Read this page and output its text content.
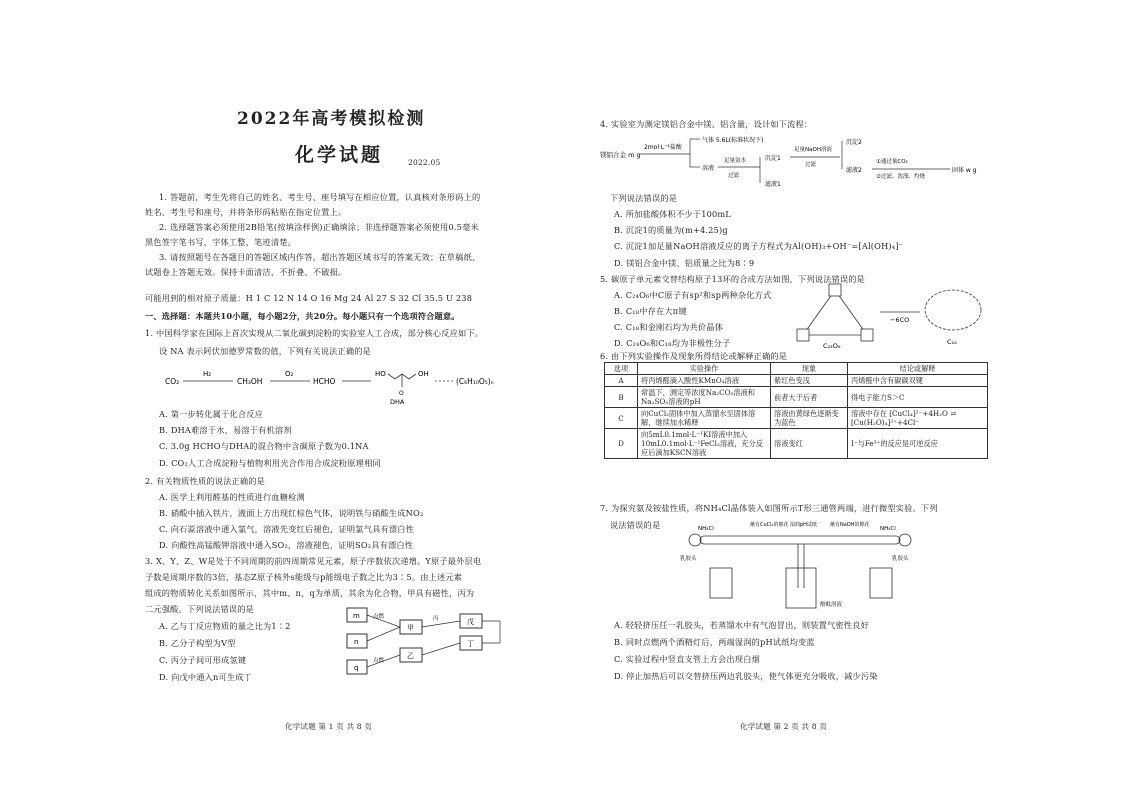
2022年高考模拟检测
化学试题	2022.05
1. 答题前，考生先将自己的姓名、考生号、座号填写在相应位置，认真核对条形码上的
姓名、考生号和座号，并将条形码粘贴在指定位置上。
2. 选择题答案必须使用2B铅笔(按填涂样例)正确填涂；非选择题答案必须使用0.5毫米
黑色签字笔书写，字体工整、笔迹清楚。
3. 请按照题号在各题目的答题区域内作答，超出答题区域书写的答案无效；在草稿纸、
试题卷上答题无效。保持卡面清洁，不折叠、不破损。
可能用到的相对原子质量：H 1 C 12 N 14 O 16 Mg 24 Al 27 S 32 Cl 35.5 U 238
一、选择题：本题共10小题，每小题2分，共20分。每小题只有一个选项符合题意。
1. 中国科学家在国际上首次实现从二氧化碳到淀粉的实验室人工合成，部分核心反应如下。
设 NA 表示阿伏加德罗常数的值，下列有关说法正确的是
CO₂
H₂
CH₃OH
O₂
HCHO
HO
O
OH
DHA
(C₆H₁₀O₅)ₙ
A. 第一步转化属于化合反应
B. DHA难溶于水，易溶于有机溶剂
C. 3.0g HCHO与DHA的混合物中含碳原子数为0.1NA
D. CO₂人工合成淀粉与植物利用光合作用合成淀粉原理相同
2. 有关物质性质的说法正确的是
A. 医学上利用醛基的性质进行血糖检测
B. 硝酸中插入铁片，液面上方出现红棕色气体，说明铁与硝酸生成NO₂
C. 向石蕊溶液中通入氯气，溶液先变红后褪色，证明氯气具有漂白性
D. 向酸性高锰酸钾溶液中通入SO₂，溶液褪色，证明SO₂具有漂白性
3. X、Y、Z、W是处于不同周期的前四周期常见元素，原子序数依次递增。Y原子最外层电
子数是周期序数的3倍，基态Z原子核外s能级与p能级电子数之比为3∶5。由上述元素
组成的物质转化关系如图所示，其中m、n、q为单质，其余为化合物，甲具有磁性，丙为
二元强酸。下列说法错误的是
A. 乙与丁反应物质的量之比为1∶2
B. 乙分子构型为V型
C. 丙分子间可形成氢键
D. 向戊中通入n可生成丁
m
n
q
甲
乙
戊
丁
点燃
点燃
丙
化学试题 第 1 页 共 8 页
4. 实验室为测定镁铝合金中镁、铝含量，设计如下流程：
镁铝合金 m g
2mol·L⁻¹盐酸
气体 5.6L(标准状况下)
溶液
足量氨水
过滤
沉淀1
滤液1
足量NaOH溶液
过滤
沉淀2
滤液2
①通过量CO₂
②过滤、洗涤、灼烧
固体 w g
下列说法错误的是
A. 所加盐酸体积不少于100mL
B. 沉淀1的质量为(m+4.25)g
C. 沉淀1加足量NaOH溶液反应的离子方程式为Al(OH)₃+OH⁻=[Al(OH)₄]⁻
D. 镁铝合金中镁、铝质量之比为8∶9
5. 碳原子单元素交替结构原子13环的合成方法如图，下列说法错误的是
A. C₂₄O₆中C原子有sp²和sp两种杂化方式
B. C₁₈中存在大π键
C. C₁₈和金刚石均为共价晶体
D. C₂₄O₆和C₁₈均为非极性分子	C₂₄O₆
−6CO
C₁₈
6. 由下列实验操作及现象所得结论或解释正确的是
选项	实验操作	现象	结论或解释
A	将丙烯醛滴入酸性KMnO₄溶液	紫红色变浅	丙烯醛中含有碳碳双键
B	常温下，测定等浓度Na₂CO₃溶液和Na₂SO₃溶液的pH	前者大于后者	得电子能力S＞C
C	向CuCl₂固体中加入蒸馏水至固体溶解，继续加水稀释	溶液由黄绿色逐渐变为蓝色	溶液中存在 [CuCl₄]²⁻+4H₂O ⇌ [Cu(H₂O)₄]²⁺+4Cl⁻
D	向5mL0.1mol·L⁻¹KI溶液中加入10mL0.1mol·L⁻¹FeCl₃溶液，充分反应后滴加KSCN溶液	溶液变红	I⁻与Fe³⁺的反应是可逆反应
7. 为探究氨及铵盐性质，将NH₄Cl晶体装入如图所示T形三通管两端，进行微型实验。下列
说法错误的是	NH₄Cl	NH₄Cl
乳胶头	乳胶头
蘸有CuCl₂的棉花 湿润pH试纸	蘸有NaOH的棉花
酚酞溶液
A. 轻轻挤压任一乳胶头，若蒸馏水中有气泡冒出，则装置气密性良好
B. 同时点燃两个酒精灯后，两端湿润的pH试纸均变蓝
C. 实验过程中竖直支管上方会出现白烟
D. 停止加热后可以交替挤压两边乳胶头，使气体更充分吸收，减少污染
化学试题 第 2 页 共 8 页
